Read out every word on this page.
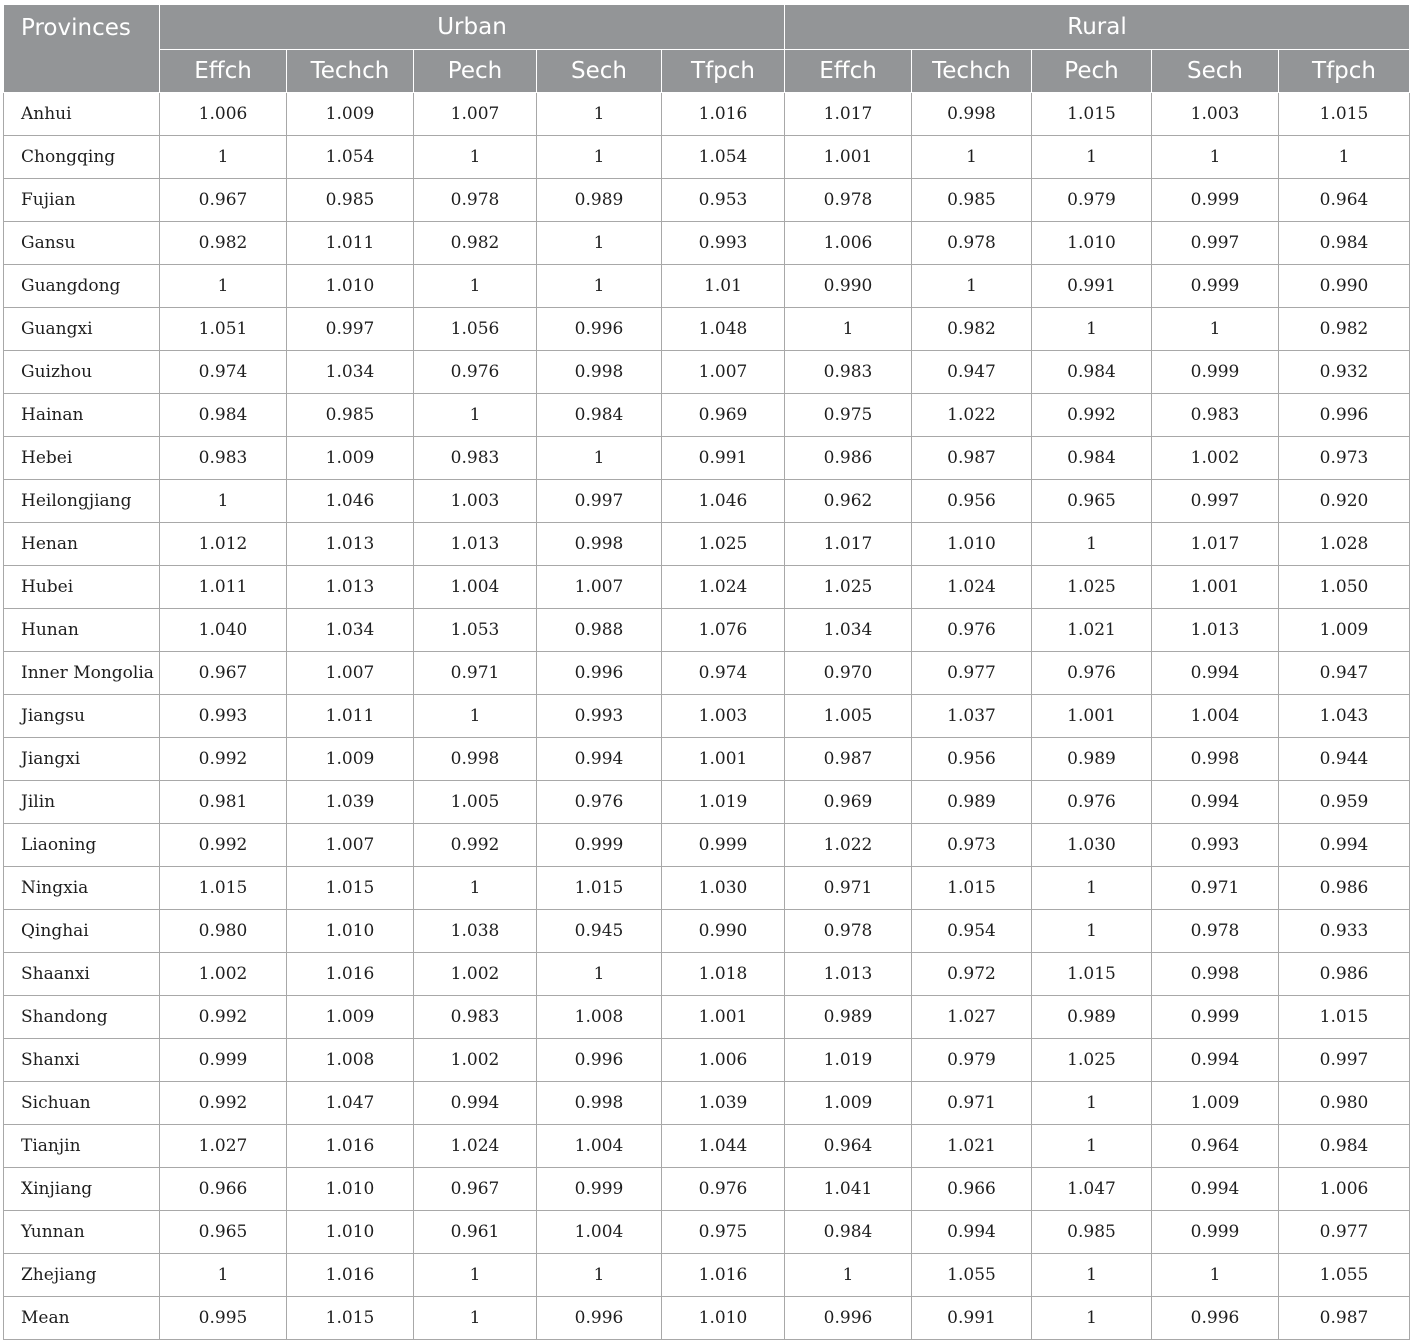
Provinces	Urban					Rural				
	Effch	Techch	Pech	Sech	Tfpch	Effch	Techch	Pech	Sech	Tfpch
Anhui	1.006	1.009	1.007	1	1.016	1.017	0.998	1.015	1.003	1.015
Chongqing	1	1.054	1	1	1.054	1.001	1	1	1	1
Fujian	0.967	0.985	0.978	0.989	0.953	0.978	0.985	0.979	0.999	0.964
Gansu	0.982	1.011	0.982	1	0.993	1.006	0.978	1.010	0.997	0.984
Guangdong	1	1.010	1	1	1.01	0.990	1	0.991	0.999	0.990
Guangxi	1.051	0.997	1.056	0.996	1.048	1	0.982	1	1	0.982
Guizhou	0.974	1.034	0.976	0.998	1.007	0.983	0.947	0.984	0.999	0.932
Hainan	0.984	0.985	1	0.984	0.969	0.975	1.022	0.992	0.983	0.996
Hebei	0.983	1.009	0.983	1	0.991	0.986	0.987	0.984	1.002	0.973
Heilongjiang	1	1.046	1.003	0.997	1.046	0.962	0.956	0.965	0.997	0.920
Henan	1.012	1.013	1.013	0.998	1.025	1.017	1.010	1	1.017	1.028
Hubei	1.011	1.013	1.004	1.007	1.024	1.025	1.024	1.025	1.001	1.050
Hunan	1.040	1.034	1.053	0.988	1.076	1.034	0.976	1.021	1.013	1.009
Inner Mongolia	0.967	1.007	0.971	0.996	0.974	0.970	0.977	0.976	0.994	0.947
Jiangsu	0.993	1.011	1	0.993	1.003	1.005	1.037	1.001	1.004	1.043
Jiangxi	0.992	1.009	0.998	0.994	1.001	0.987	0.956	0.989	0.998	0.944
Jilin	0.981	1.039	1.005	0.976	1.019	0.969	0.989	0.976	0.994	0.959
Liaoning	0.992	1.007	0.992	0.999	0.999	1.022	0.973	1.030	0.993	0.994
Ningxia	1.015	1.015	1	1.015	1.030	0.971	1.015	1	0.971	0.986
Qinghai	0.980	1.010	1.038	0.945	0.990	0.978	0.954	1	0.978	0.933
Shaanxi	1.002	1.016	1.002	1	1.018	1.013	0.972	1.015	0.998	0.986
Shandong	0.992	1.009	0.983	1.008	1.001	0.989	1.027	0.989	0.999	1.015
Shanxi	0.999	1.008	1.002	0.996	1.006	1.019	0.979	1.025	0.994	0.997
Sichuan	0.992	1.047	0.994	0.998	1.039	1.009	0.971	1	1.009	0.980
Tianjin	1.027	1.016	1.024	1.004	1.044	0.964	1.021	1	0.964	0.984
Xinjiang	0.966	1.010	0.967	0.999	0.976	1.041	0.966	1.047	0.994	1.006
Yunnan	0.965	1.010	0.961	1.004	0.975	0.984	0.994	0.985	0.999	0.977
Zhejiang	1	1.016	1	1	1.016	1	1.055	1	1	1.055
Mean	0.995	1.015	1	0.996	1.010	0.996	0.991	1	0.996	0.987
